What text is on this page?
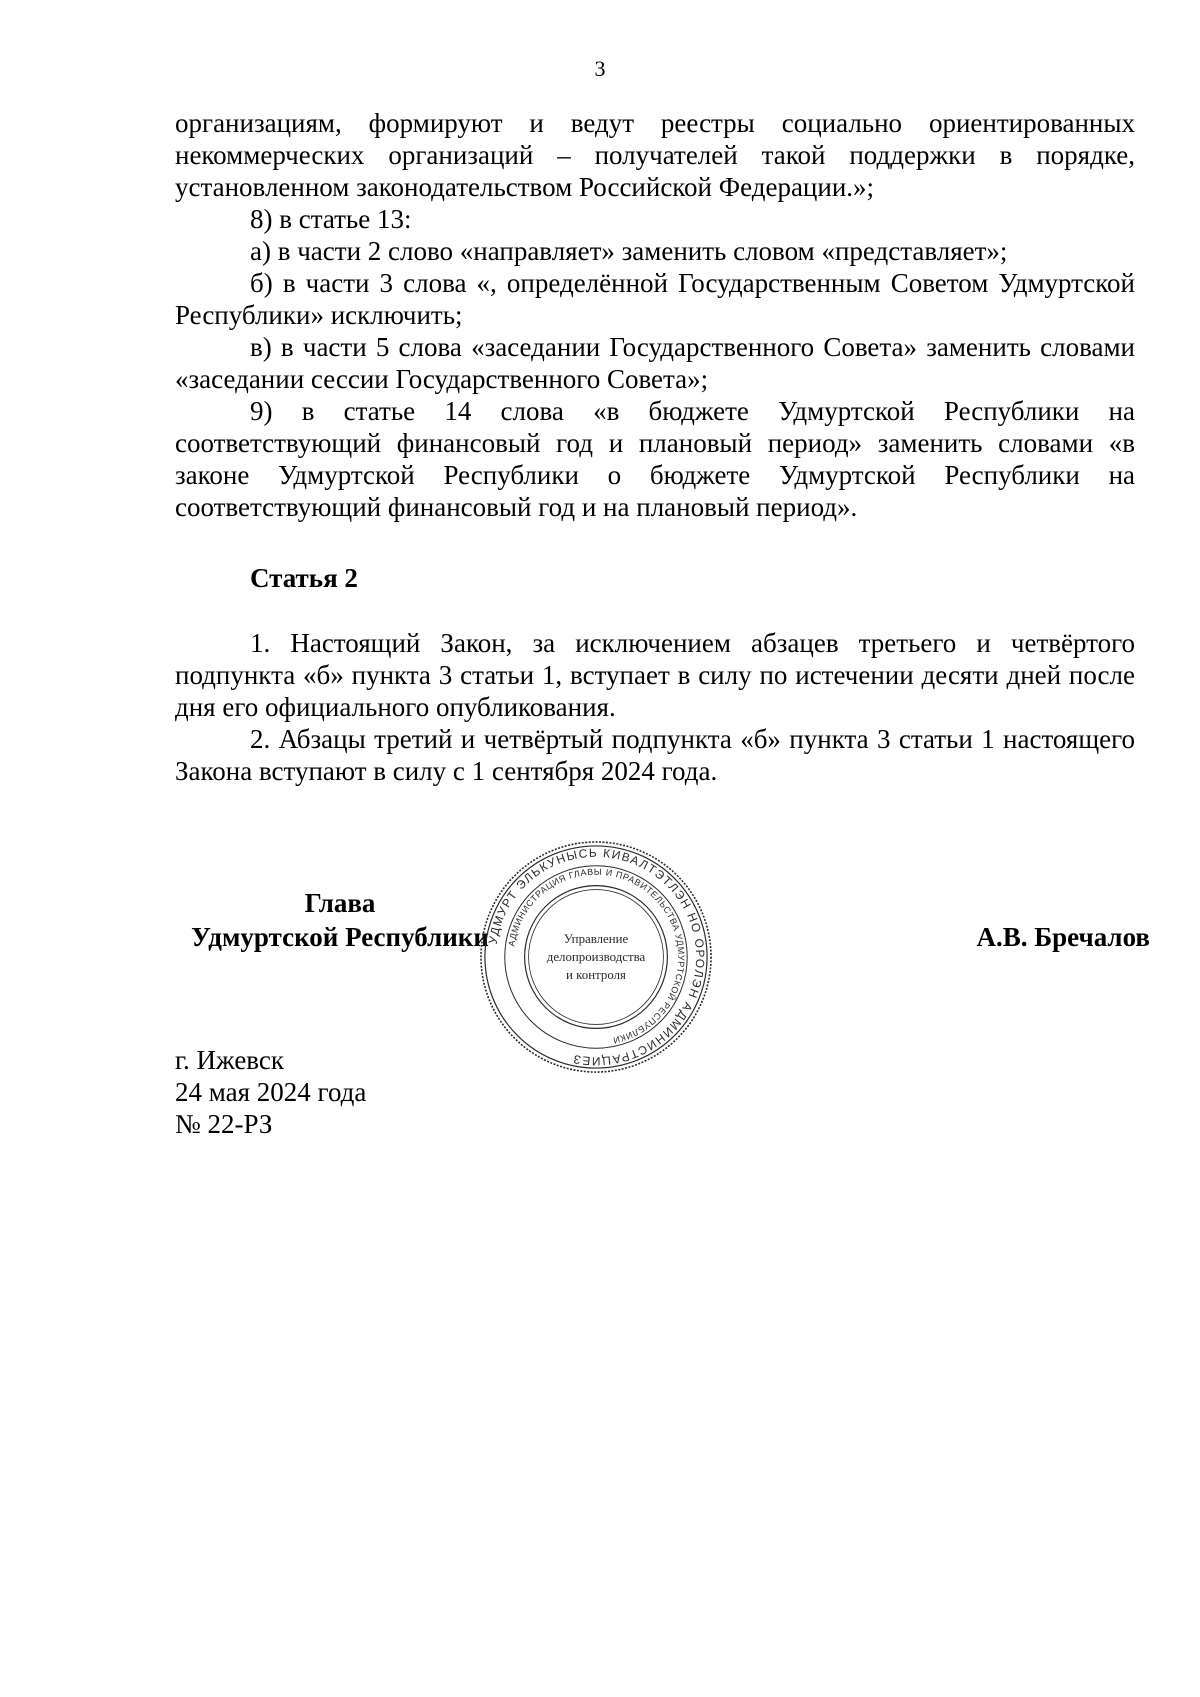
3

организациям, формируют и ведут реестры социально ориентированных некоммерческих организаций – получателей такой поддержки в порядке, установленном законодательством Российской Федерации.»;

8) в статье 13:

а) в части 2 слово «направляет» заменить словом «представляет»;

б) в части 3 слова «, определённой Государственным Советом Удмуртской Республики» исключить;

в) в части 5 слова «заседании Государственного Совета» заменить словами «заседании сессии Государственного Совета»;

9) в статье 14 слова «в бюджете Удмуртской Республики на соответствующий финансовый год и плановый период» заменить словами «в законе Удмуртской Республики о бюджете Удмуртской Республики на соответствующий финансовый год и на плановый период».

Статья 2

1. Настоящий Закон, за исключением абзацев третьего и четвёртого подпункта «б» пункта 3 статьи 1, вступает в силу по истечении десяти дней после дня его официального опубликования.

2. Абзацы третий и четвёртый подпункта «б» пункта 3 статьи 1 настоящего Закона вступают в силу с 1 сентября 2024 года.

Глава
Удмуртской Республики
УДМУРТ ЭЛЬКУНЫСЬ КИВАЛТЭТЛЭН НО ОРОЛЭН АДМИНИСТРАЦИЕЗ
АДМИНИСТРАЦИЯ ГЛАВЫ И ПРАВИТЕЛЬСТВА УДМУРТСКОЙ РЕСПУБЛИКИ
Управление
делопроизводства
и контроля
А.В. Бречалов
г. Ижевск
24 мая 2024 года
№ 22-РЗ
